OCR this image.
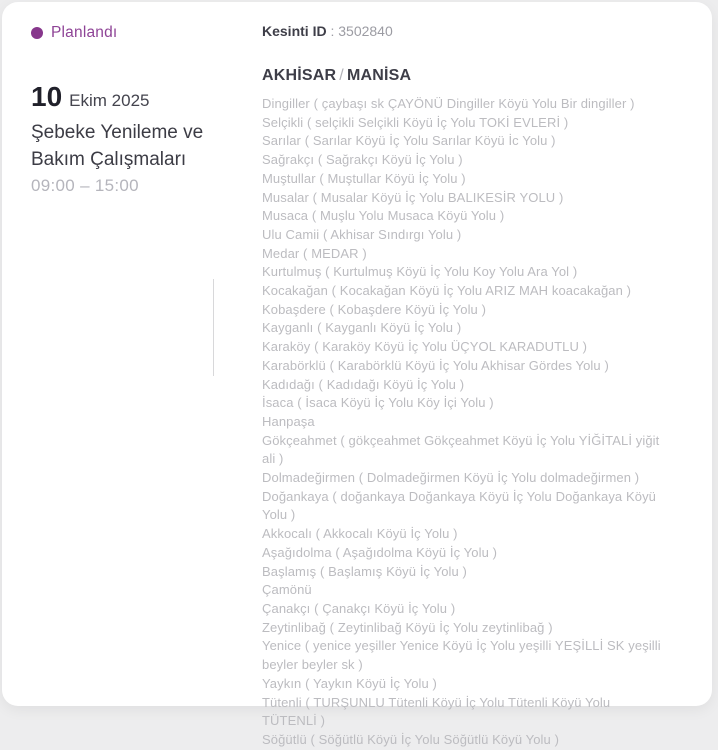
Planlandı
10 Ekim 2025
Şebeke Yenileme ve Bakım Çalışmaları
09:00 – 15:00
Kesinti ID : 3502840
AKHİSAR / MANİSA
Dingiller ( çaybaşı sk ÇAYÖNÜ Dingiller Köyü Yolu Bir dingiller )
Selçikli ( selçikli Selçikli Köyü İç Yolu TOKİ EVLERİ )
Sarılar ( Sarılar Köyü İç Yolu Sarılar Köyü İc Yolu )
Sağrakçı ( Sağrakçı Köyü İç Yolu )
Muştullar ( Muştullar Köyü İç Yolu )
Musalar ( Musalar Köyü İç Yolu BALIKESİR YOLU )
Musaca ( Muşlu Yolu Musaca Köyü Yolu )
Ulu Camii ( Akhisar Sındırgı Yolu )
Medar ( MEDAR )
Kurtulmuş ( Kurtulmuş Köyü İç Yolu Koy Yolu Ara Yol )
Kocakağan ( Kocakağan Köyü İç Yolu ARIZ MAH koacakağan )
Kobaşdere ( Kobaşdere Köyü İç Yolu )
Kayganlı ( Kayganlı Köyü İç Yolu )
Karaköy ( Karaköy Köyü İç Yolu ÜÇYOL KARADUTLU )
Karabörklü ( Karabörklü Köyü İç Yolu Akhisar Gördes Yolu )
Kadıdağı ( Kadıdağı Köyü İç Yolu )
İsaca ( İsaca Köyü İç Yolu Köy İçi Yolu )
Hanpaşa
Gökçeahmet ( gökçeahmet Gökçeahmet Köyü İç Yolu YİĞİTALİ yiğit ali )
Dolmadeğirmen ( Dolmadeğirmen Köyü İç Yolu dolmadeğirmen )
Doğankaya ( doğankaya Doğankaya Köyü İç Yolu Doğankaya Köyü Yolu )
Akkocalı ( Akkocalı Köyü İç Yolu )
Aşağıdolma ( Aşağıdolma Köyü İç Yolu )
Başlamış ( Başlamış Köyü İç Yolu )
Çamönü
Çanakçı ( Çanakçı Köyü İç Yolu )
Zeytinlibağ ( Zeytinlibağ Köyü İç Yolu zeytinlibağ )
Yenice ( yenice yeşiller Yenice Köyü İç Yolu yeşilli YEŞİLLİ SK yeşilli beyler beyler sk )
Yaykın ( Yaykın Köyü İç Yolu )
Tütenli ( TURŞUNLU Tütenli Köyü İç Yolu Tütenli Köyü Yolu TÜTENLİ )
Söğütlü ( Söğütlü Köyü İç Yolu Söğütlü Köyü Yolu )
